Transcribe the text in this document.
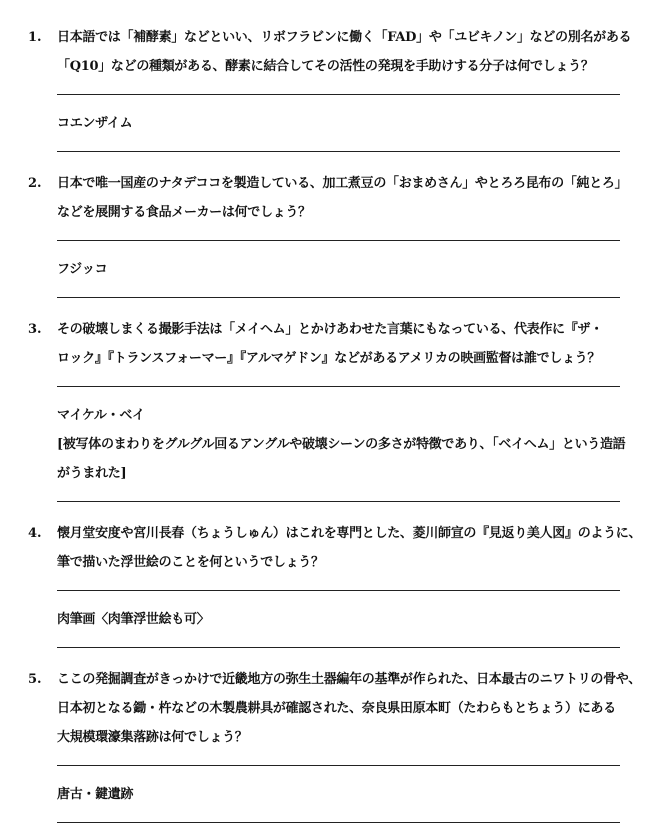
1. 日本語では「補酵素」などといい、リボフラビンに働く「FAD」や「ユビキノン」などの別名がある
「Q10」などの種類がある、酵素に結合してその活性の発現を手助けする分子は何でしょう？
コエンザイム
2. 日本で唯一国産のナタデココを製造している、加工煮豆の「おまめさん」やとろろ昆布の「純とろ」
などを展開する食品メーカーは何でしょう？
フジッコ
3. その破壊しまくる撮影手法は「メイヘム」とかけあわせた言葉にもなっている、代表作に『ザ・
ロック』『トランスフォーマー』『アルマゲドン』などがあるアメリカの映画監督は誰でしょう？
マイケル・ベイ
[被写体のまわりをグルグル回るアングルや破壊シーンの多さが特徴であり、「ベイヘム」という造語
がうまれた]
4. 懐月堂安度や宮川長春（ちょうしゅん）はこれを専門とした、菱川師宣の『見返り美人図』のように、
筆で描いた浮世絵のことを何というでしょう？
肉筆画〈肉筆浮世絵も可〉
5. ここの発掘調査がきっかけで近畿地方の弥生土器編年の基準が作られた、日本最古のニワトリの骨や、
日本初となる鋤・杵などの木製農耕具が確認された、奈良県田原本町（たわらもとちょう）にある
大規模環濠集落跡は何でしょう？
唐古・鍵遺跡
